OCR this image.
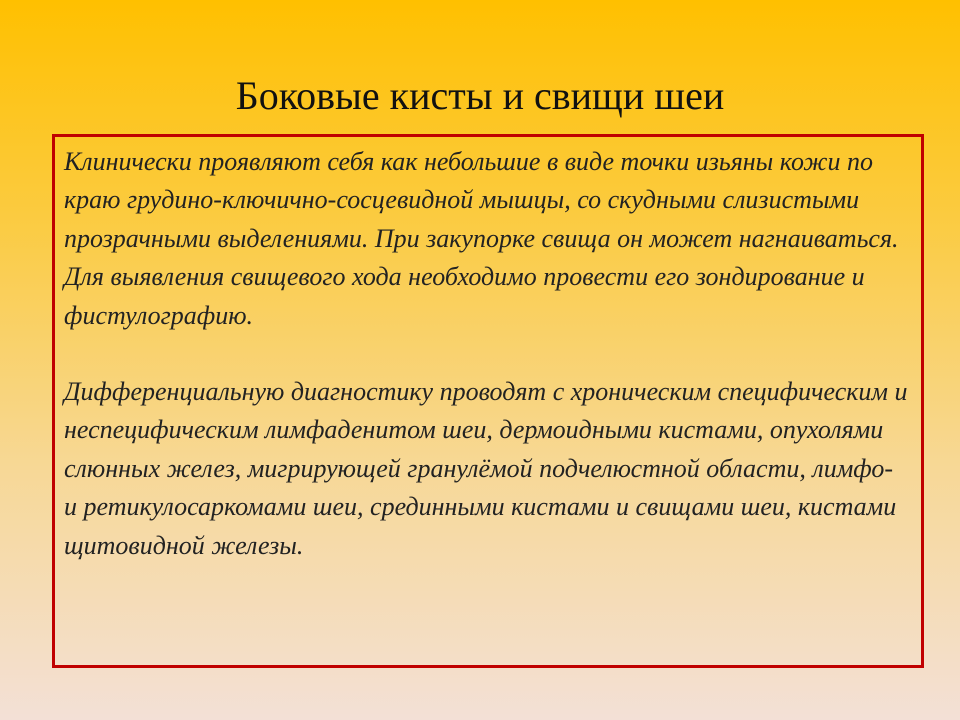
Боковые кисты и свищи шеи

Клинически проявляют себя как небольшие в виде точки изьяны кожи по краю грудино-ключично-сосцевидной мышцы, со скудными слизистыми прозрачными выделениями. При закупорке свища он может нагнаиваться. Для выявления свищевого хода необходимо провести его зондирование и фистулографию.

Дифференциальную диагностику проводят с хроническим специфическим и неспецифическим лимфаденитом шеи, дермоидными кистами, опухолями слюнных желез, мигрирующей гранулёмой подчелюстной области, лимфо- и ретикулосаркомами шеи, срединными кистами и свищами шеи, кистами щитовидной железы.
